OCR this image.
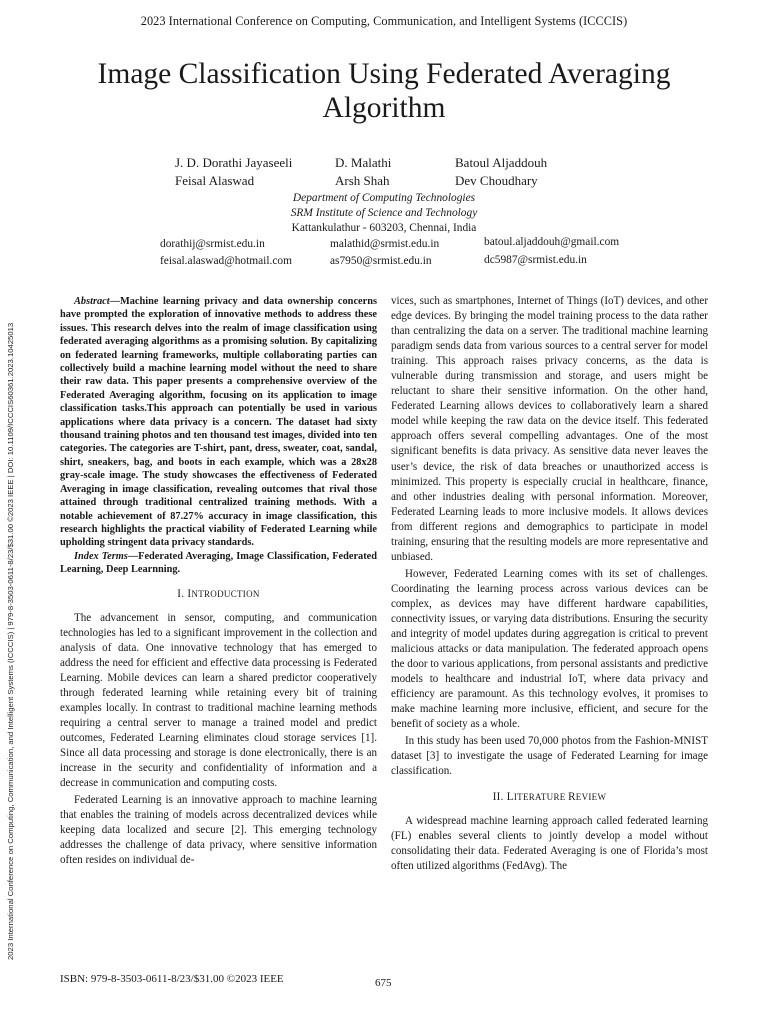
2023 International Conference on Computing, Communication, and Intelligent Systems (ICCCIS)
2023 International Conference on Computing, Communication, and Intelligent Systems (ICCCIS) | 979-8-3503-0611-8/23/$31.00 ©2023 IEEE | DOI: 10.1109/ICCCIS60361.2023.10425013
Image Classification Using Federated Averaging Algorithm
J. D. Dorathi Jayaseeli	D. Malathi	Batoul Aljaddouh
Feisal Alaswad	Arsh Shah	Dev Choudhary
Department of Computing Technologies
SRM Institute of Science and Technology
Kattankulathur - 603203, Chennai, India
dorathij@srmist.edu.in	malathid@srmist.edu.in	batoul.aljaddouh@gmail.com
feisal.alaswad@hotmail.com	as7950@srmist.edu.in	dc5987@srmist.edu.in
Abstract—Machine learning privacy and data ownership concerns have prompted the exploration of innovative methods to address these issues. This research delves into the realm of image classification using federated averaging algorithms as a promising solution. By capitalizing on federated learning frameworks, multiple collaborating parties can collectively build a machine learning model without the need to share their raw data. This paper presents a comprehensive overview of the Federated Averaging algorithm, focusing on its application to image classification tasks.This approach can potentially be used in various applications where data privacy is a concern. The dataset had sixty thousand training photos and ten thousand test images, divided into ten categories. The categories are T-shirt, pant, dress, sweater, coat, sandal, shirt, sneakers, bag, and boots in each example, which was a 28x28 gray-scale image. The study showcases the effectiveness of Federated Averaging in image classification, revealing outcomes that rival those attained through traditional centralized training methods. With a notable achievement of 87.27% accuracy in image classification, this research highlights the practical viability of Federated Learning while upholding stringent data privacy standards.
Index Terms—Federated Averaging, Image Classification, Federated Learning, Deep Learnning.
I. INTRODUCTION

The advancement in sensor, computing, and communication technologies has led to a significant improvement in the collection and analysis of data. One innovative technology that has emerged to address the need for efficient and effective data processing is Federated Learning. Mobile devices can learn a shared predictor cooperatively through federated learning while retaining every bit of training examples locally. In contrast to traditional machine learning methods requiring a central server to manage a trained model and predict outcomes, Federated Learning eliminates cloud storage services [1]. Since all data processing and storage is done electronically, there is an increase in the security and confidentiality of information and a decrease in communication and computing costs.

Federated Learning is an innovative approach to machine learning that enables the training of models across decentralized devices while keeping data localized and secure [2]. This emerging technology addresses the challenge of data privacy, where sensitive information often resides on individual de-

vices, such as smartphones, Internet of Things (IoT) devices, and other edge devices. By bringing the model training process to the data rather than centralizing the data on a server. The traditional machine learning paradigm sends data from various sources to a central server for model training. This approach raises privacy concerns, as the data is vulnerable during transmission and storage, and users might be reluctant to share their sensitive information. On the other hand, Federated Learning allows devices to collaboratively learn a shared model while keeping the raw data on the device itself. This federated approach offers several compelling advantages. One of the most significant benefits is data privacy. As sensitive data never leaves the user’s device, the risk of data breaches or unauthorized access is minimized. This property is especially crucial in healthcare, finance, and other industries dealing with personal information. Moreover, Federated Learning leads to more inclusive models. It allows devices from different regions and demographics to participate in model training, ensuring that the resulting models are more representative and unbiased.

However, Federated Learning comes with its set of challenges. Coordinating the learning process across various devices can be complex, as devices may have different hardware capabilities, connectivity issues, or varying data distributions. Ensuring the security and integrity of model updates during aggregation is critical to prevent malicious attacks or data manipulation. The federated approach opens the door to various applications, from personal assistants and predictive models to healthcare and industrial IoT, where data privacy and efficiency are paramount. As this technology evolves, it promises to make machine learning more inclusive, efficient, and secure for the benefit of society as a whole.

In this study has been used 70,000 photos from the Fashion-MNIST dataset [3] to investigate the usage of Federated Learning for image classification.

II. LITERATURE REVIEW

A widespread machine learning approach called federated learning (FL) enables several clients to jointly develop a model without consolidating their data. Federated Averaging is one of Florida’s most often utilized algorithms (FedAvg). The

ISBN: 979-8-3503-0611-8/23/$31.00 ©2023 IEEE	675
